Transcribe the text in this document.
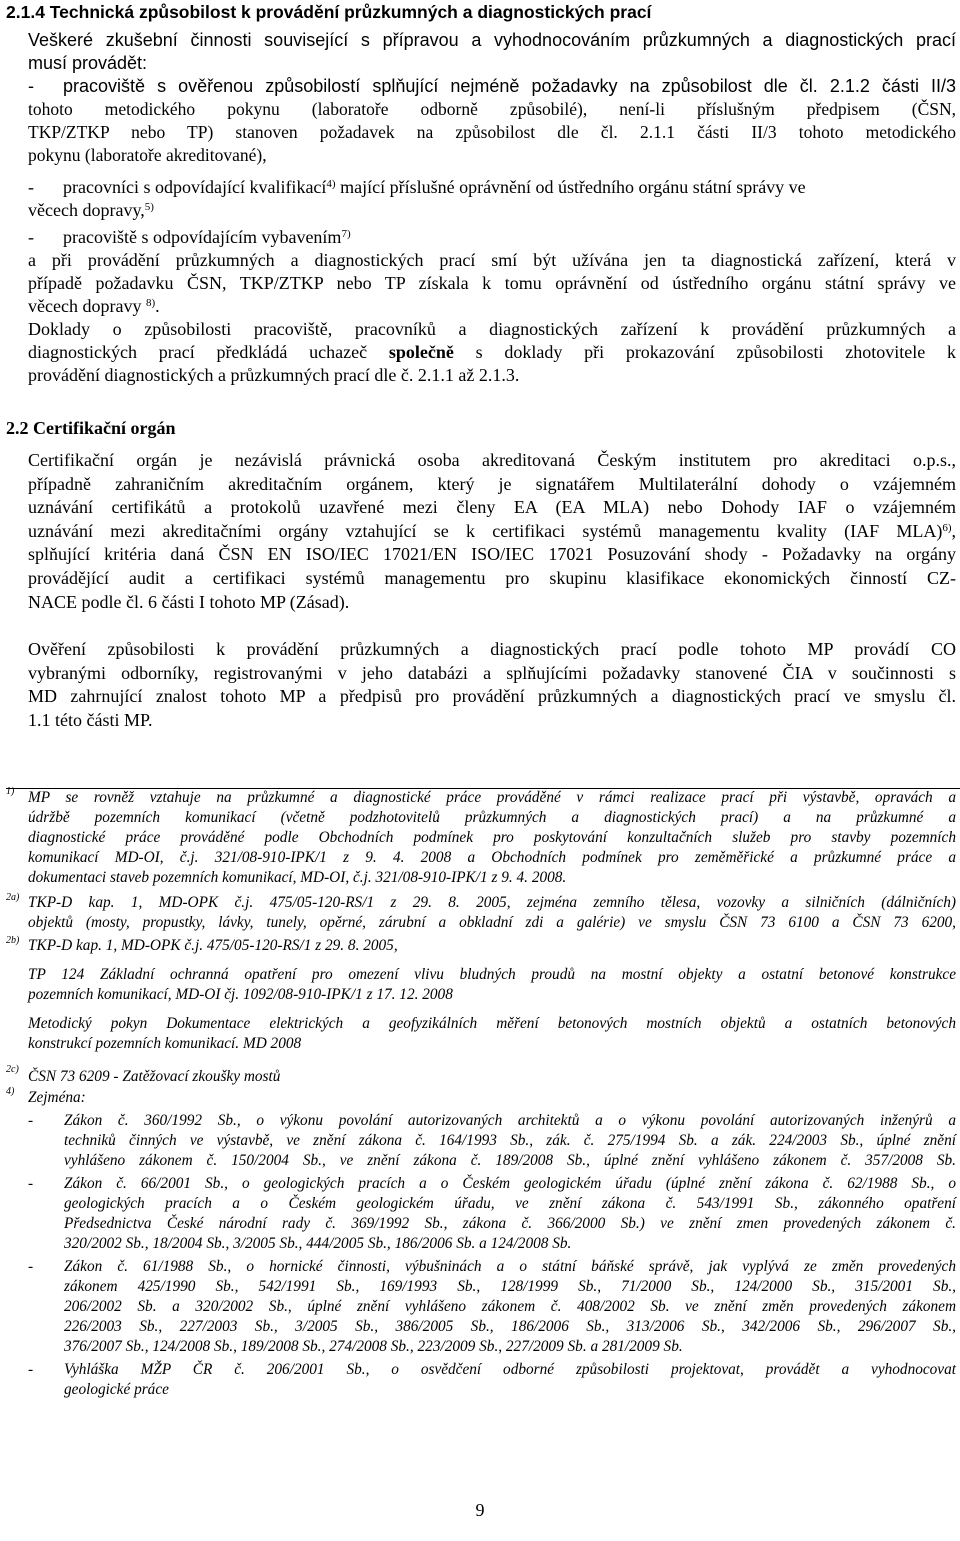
2.1.4 Technická způsobilost k provádění průzkumných a diagnostických prací
Veškeré zkušební činnosti související s přípravou a vyhodnocováním průzkumných a diagnostických prací
musí provádět:
- pracoviště s ověřenou způsobilostí splňující nejméně požadavky na způsobilost dle čl. 2.1.2 části II/3
tohoto metodického pokynu (laboratoře odborně způsobilé), není-li příslušným předpisem (ČSN,
TKP/ZTKP nebo TP) stanoven požadavek na způsobilost dle čl. 2.1.1 části II/3 tohoto metodického
pokynu (laboratoře akreditované),
-	pracovníci s odpovídající kvalifikací$^{4)}$ mající příslušné oprávnění od ústředního orgánu státní správy ve
věcech dopravy,$^{5)}$
-	pracoviště s odpovídajícím vybavením$^{7)}$
a při provádění průzkumných a diagnostických prací smí být užívána jen ta diagnostická zařízení, která v
případě požadavku ČSN, TKP/ZTKP nebo TP získala k tomu oprávnění od ústředního orgánu státní správy ve
věcech dopravy $^{8)}$.
Doklady o způsobilosti pracoviště, pracovníků a diagnostických zařízení k provádění průzkumných a
diagnostických prací předkládá uchazeč společně s doklady při prokazování způsobilosti zhotovitele k
provádění diagnostických a průzkumných prací dle č. 2.1.1 až 2.1.3.
2.2 Certifikační orgán
Certifikační orgán je nezávislá právnická osoba akreditovaná Českým institutem pro akreditaci o.p.s.,
případně zahraničním akreditačním orgánem, který je signatářem Multilaterální dohody o vzájemném
uznávání certifikátů a protokolů uzavřené mezi členy EA (EA MLA) nebo Dohody IAF o vzájemném
uznávání mezi akreditačními orgány vztahující se k certifikaci systémů managementu kvality (IAF MLA)$^{6)}$,
splňující kritéria daná ČSN EN ISO/IEC 17021/EN ISO/IEC 17021 Posuzování shody - Požadavky na orgány
provádějící audit a certifikaci systémů managementu pro skupinu klasifikace ekonomických činností CZ-
NACE podle čl. 6 části I tohoto MP (Zásad).
Ověření způsobilosti k provádění průzkumných a diagnostických prací podle tohoto MP provádí CO
vybranými odborníky, registrovanými v jeho databázi a splňujícími požadavky stanovené ČIA v součinnosti s
MD zahrnující znalost tohoto MP a předpisů pro provádění průzkumných a diagnostických prací ve smyslu čl.
1.1 této části MP.
1) MP se rovněž vztahuje na průzkumné a diagnostické práce prováděné v rámci realizace prací při výstavbě, opravách a
údržbě pozemních komunikací (včetně podzhotovitelů průzkumných a diagnostických prací) a na průzkumné a
diagnostické práce prováděné podle Obchodních podmínek pro poskytování konzultačních služeb pro stavby pozemních
komunikací MD-OI, č.j. 321/08-910-IPK/1 z 9. 4. 2008 a Obchodních podmínek pro zeměměřické a průzkumné práce a
dokumentaci staveb pozemních komunikací, MD-OI, č.j. 321/08-910-IPK/1 z 9. 4. 2008.
2a) TKP-D kap. 1, MD-OPK č.j. 475/05-120-RS/1 z 29. 8. 2005, zejména zemního tělesa, vozovky a silničních (dálničních)
objektů (mosty, propustky, lávky, tunely, opěrné, zárubní a obkladní zdi a galérie) ve smyslu ČSN 73 6100 a ČSN 73 6200,
2b) TKP-D kap. 1, MD-OPK č.j. 475/05-120-RS/1 z 29. 8. 2005,
TP 124 Základní ochranná opatření pro omezení vlivu bludných proudů na mostní objekty a ostatní betonové konstrukce
pozemních komunikací, MD-OI čj. 1092/08-910-IPK/1 z 17. 12. 2008
Metodický pokyn Dokumentace elektrických a geofyzikálních měření betonových mostních objektů a ostatních betonových
konstrukcí pozemních komunikací. MD 2008
2c) ČSN 73 6209 - Zatěžovací zkoušky mostů
4) Zejména:
- Zákon č. 360/1992 Sb., o výkonu povolání autorizovaných architektů a o výkonu povolání autorizovaných inženýrů a
techniků činných ve výstavbě, ve znění zákona č. 164/1993 Sb., zák. č. 275/1994 Sb. a zák. 224/2003 Sb., úplné znění
vyhlášeno zákonem č. 150/2004 Sb., ve znění zákona č. 189/2008 Sb., úplné znění vyhlášeno zákonem č. 357/2008 Sb.
- Zákon č. 66/2001 Sb., o geologických pracích a o Českém geologickém úřadu (úplné znění zákona č. 62/1988 Sb., o
geologických pracích a o Českém geologickém úřadu, ve znění zákona č. 543/1991 Sb., zákonného opatření
Předsednictva České národní rady č. 369/1992 Sb., zákona č. 366/2000 Sb.) ve znění zmen provedených zákonem č.
320/2002 Sb., 18/2004 Sb., 3/2005 Sb., 444/2005 Sb., 186/2006 Sb. a 124/2008 Sb.
- Zákon č. 61/1988 Sb., o hornické činnosti, výbušninách a o státní báňské správě, jak vyplývá ze změn provedených
zákonem 425/1990 Sb., 542/1991 Sb., 169/1993 Sb., 128/1999 Sb., 71/2000 Sb., 124/2000 Sb., 315/2001 Sb.,
206/2002 Sb. a 320/2002 Sb., úplné znění vyhlášeno zákonem č. 408/2002 Sb. ve znění změn provedených zákonem
226/2003 Sb., 227/2003 Sb., 3/2005 Sb., 386/2005 Sb., 186/2006 Sb., 313/2006 Sb., 342/2006 Sb., 296/2007 Sb.,
376/2007 Sb., 124/2008 Sb., 189/2008 Sb., 274/2008 Sb., 223/2009 Sb., 227/2009 Sb. a 281/2009 Sb.
- Vyhláška MŽP ČR č. 206/2001 Sb., o osvědčení odborné způsobilosti projektovat, provádět a vyhodnocovat
geologické práce
9
